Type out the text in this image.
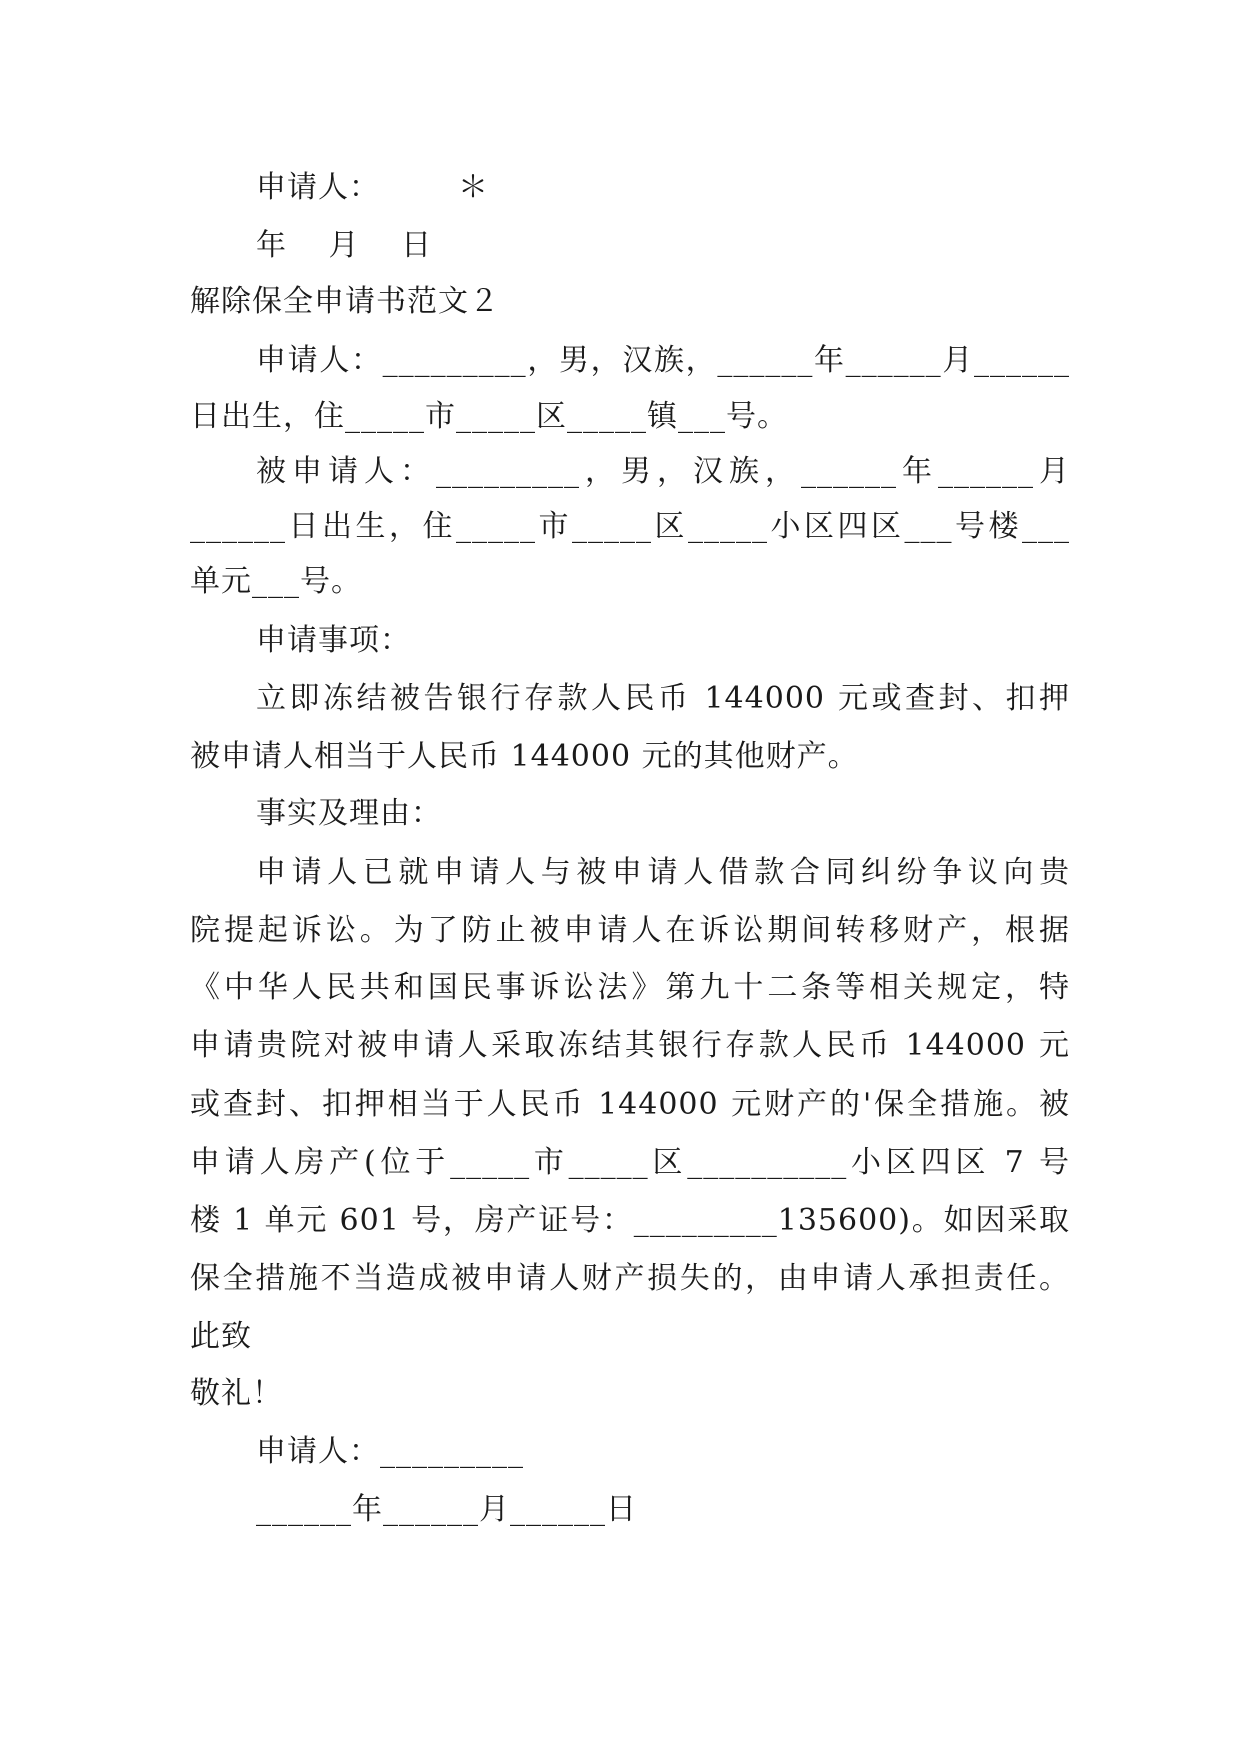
申请人：　　　＊
年　 月　 日
解除保全申请书范文２
申请人：_________，男，汉族，______年______月______
日出生，住_____市_____区_____镇___号。
被申请人：_________，男，汉族，______年______月
______日出生，住_____市_____区_____小区四区___号楼___
单元___号。
申请事项：
立即冻结被告银行存款人民币 144000 元或查封、扣押
被申请人相当于人民币 144000 元的其他财产。
事实及理由：
申请人已就申请人与被申请人借款合同纠纷争议向贵
院提起诉讼。为了防止被申请人在诉讼期间转移财产，根据
《中华人民共和国民事诉讼法》第九十二条等相关规定，特
申请贵院对被申请人采取冻结其银行存款人民币 144000 元
或查封、扣押相当于人民币 144000 元财产的'保全措施。被
申请人房产(位于_____市_____区__________小区四区 7 号
楼 1 单元 601 号，房产证号：_________135600)。如因采取
保全措施不当造成被申请人财产损失的，由申请人承担责任。
此致
敬礼！
申请人：_________
______年______月______日
